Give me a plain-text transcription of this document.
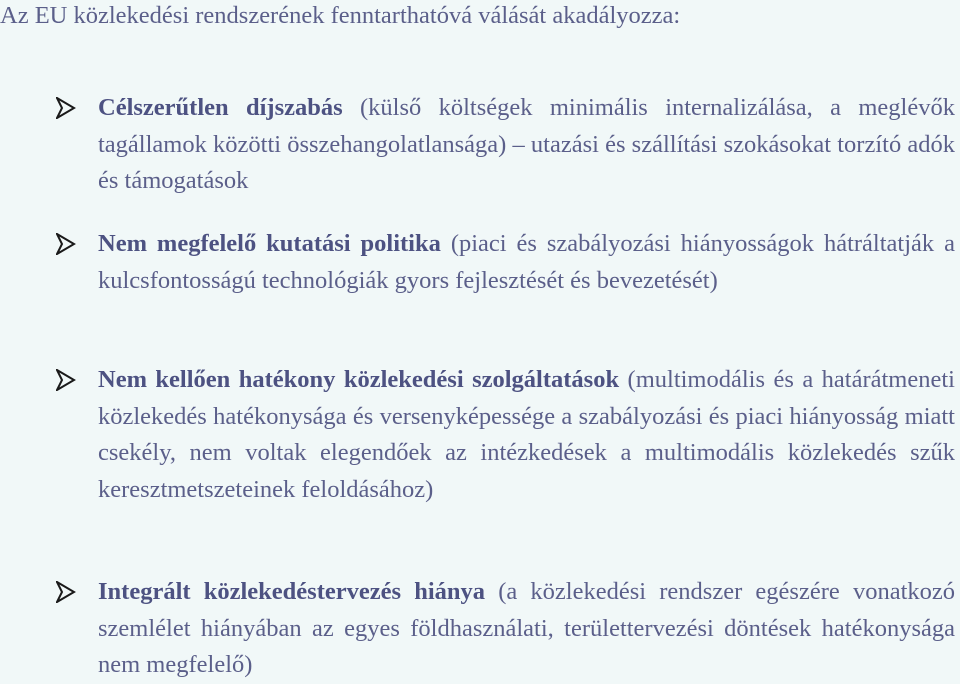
Az EU közlekedési rendszerének fenntarthatóvá válását akadályozza:
Célszerűtlen díjszabás (külső költségek minimális internalizálása, a meglévők tagállamok közötti összehangolatlansága) – utazási és szállítási szokásokat torzító adók és támogatások
Nem megfelelő kutatási politika (piaci és szabályozási hiányosságok hátráltatják a kulcsfontosságú technológiák gyors fejlesztését és bevezetését)
Nem kellően hatékony közlekedési szolgáltatások (multimodális és a határátmeneti közlekedés hatékonysága és versenyképessége a szabályozási és piaci hiányosság miatt csekély, nem voltak elegendőek az intézkedések a multimodális közlekedés szűk keresztmetszeteinek feloldásához)
Integrált közlekedéstervezés hiánya (a közlekedési rendszer egészére vonatkozó szemlélet hiányában az egyes földhasználati, területtervezési döntések hatékonysága nem megfelelő)
